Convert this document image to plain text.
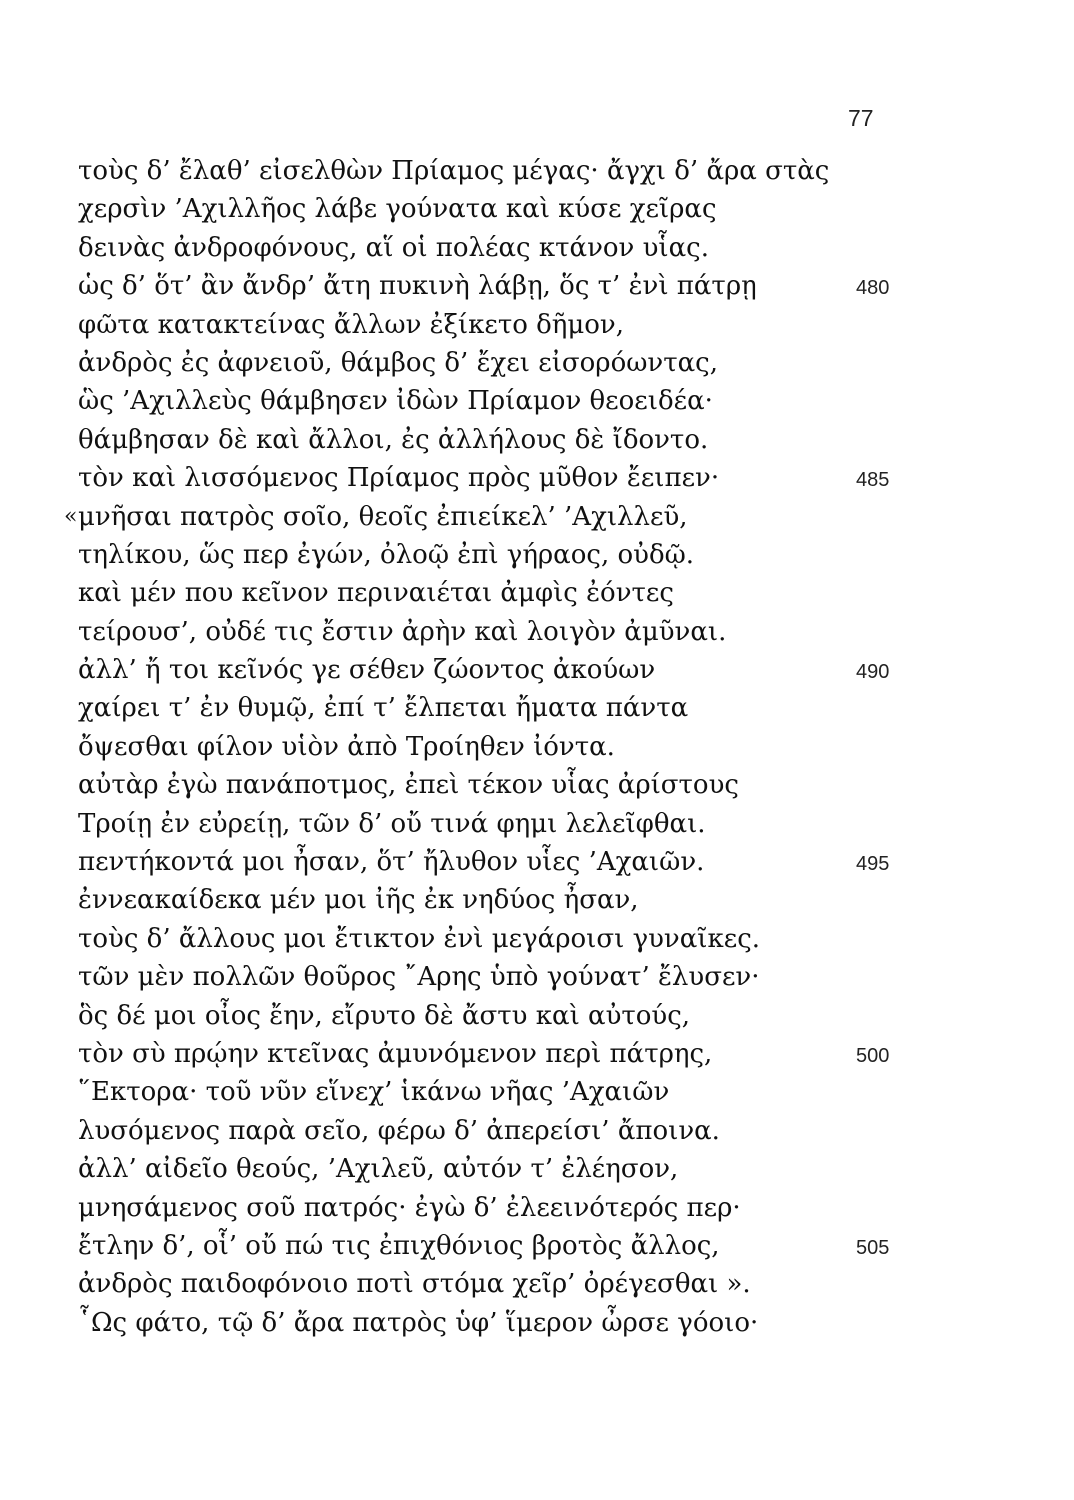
77
τοὺς δ’ ἔλαθ’ εἰσελθὼν Πρίαμος μέγας· ἄγχι δ’ ἄρα στὰς
χερσὶν ’Αχιλλῆος λάβε γούνατα καὶ κύσε χεῖρας
δεινὰς ἀνδροφόνους, αἵ οἱ πολέας κτάνον υἷας.
ὡς δ’ ὅτ’ ἂν ἄνδρ’ ἄτη πυκινὴ λάβῃ, ὅς τ’ ἐνὶ πάτρῃ	480
φῶτα κατακτείνας ἄλλων ἐξίκετο δῆμον,
ἀνδρὸς ἐς ἀφνειοῦ, θάμβος δ’ ἔχει εἰσορόωντας,
ὣς ’Αχιλλεὺς θάμβησεν ἰδὼν Πρίαμον θεοειδέα·
θάμβησαν δὲ καὶ ἄλλοι, ἐς ἀλλήλους δὲ ἴδοντο.
τὸν καὶ λισσόμενος Πρίαμος πρὸς μῦθον ἔειπεν·	485
« μνῆσαι πατρὸς σοῖο, θεοῖς ἐπιείκελ’ ’Αχιλλεῦ,
τηλίκου, ὥς περ ἐγών, ὀλοῷ ἐπὶ γήραος, οὐδῷ.
καὶ μέν που κεῖνον περιναιέται ἀμφὶς ἐόντες
τείρουσ’, οὐδέ τις ἔστιν ἀρὴν καὶ λοιγὸν ἀμῦναι.
ἀλλ’ ἤ τοι κεῖνός γε σέθεν ζώοντος ἀκούων	490
χαίρει τ’ ἐν θυμῷ, ἐπί τ’ ἔλπεται ἤματα πάντα
ὄψεσθαι φίλον υἱὸν ἀπὸ Τροίηθεν ἰόντα.
αὐτὰρ ἐγὼ πανάποτμος, ἐπεὶ τέκον υἷας ἀρίστους
Τροίῃ ἐν εὐρείῃ, τῶν δ’ οὔ τινά φημι λελεῖφθαι.
πεντήκοντά μοι ἦσαν, ὅτ’ ἤλυθον υἷες ’Αχαιῶν.	495
ἐννεακαίδεκα μέν μοι ἰῆς ἐκ νηδύος ἦσαν,
τοὺς δ’ ἄλλους μοι ἔτικτον ἐνὶ μεγάροισι γυναῖκες.
τῶν μὲν πολλῶν θοῦρος ῎Αρης ὑπὸ γούνατ’ ἔλυσεν·
ὃς δέ μοι οἶος ἔην, εἴρυτο δὲ ἄστυ καὶ αὐτούς,
τὸν σὺ πρῴην κτεῖνας ἀμυνόμενον περὶ πάτρης,	500
῞Εκτορα· τοῦ νῦν εἵνεχ’ ἱκάνω νῆας ’Αχαιῶν
λυσόμενος παρὰ σεῖο, φέρω δ’ ἀπερείσι’ ἄποινα.
ἀλλ’ αἰδεῖο θεούς, ’Αχιλεῦ, αὐτόν τ’ ἐλέησον,
μνησάμενος σοῦ πατρός· ἐγὼ δ’ ἐλεεινότερός περ·
ἔτλην δ’, οἷ’ οὔ πώ τις ἐπιχθόνιος βροτὸς ἄλλος,	505
ἀνδρὸς παιδοφόνοιο ποτὶ στόμα χεῖρ’ ὀρέγεσθαι ».
῟Ως φάτο, τῷ δ’ ἄρα πατρὸς ὑφ’ ἵμερον ὦρσε γόοιο·
